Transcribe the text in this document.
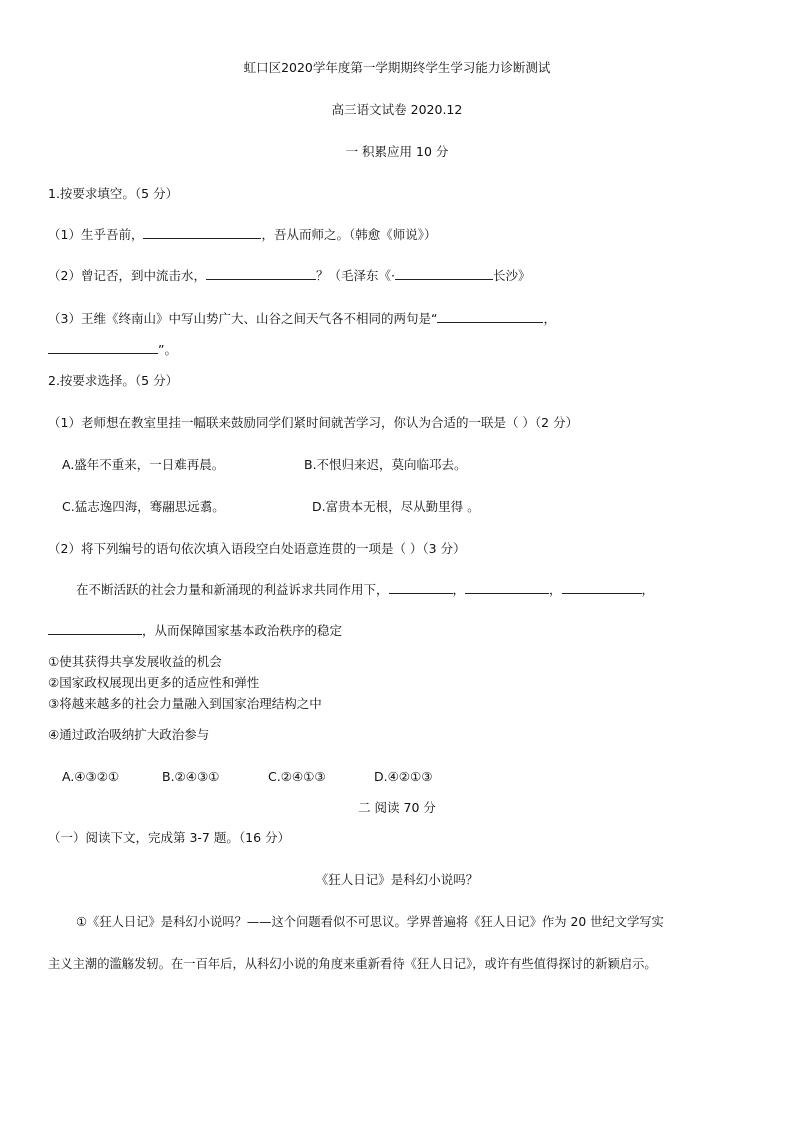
虹口区2020学年度第一学期期终学生学习能力诊断测试
高三语文试卷 2020.12
一 积累应用 10 分
1.按要求填空。（5 分）
（1）生乎吾前，	，吾从而师之。（韩愈《师说》）
（2）曾记否，到中流击水，	？（毛泽东《·	长沙》
（3）王维《终南山》中写山势广大、山谷之间天气各不相同的两句是“	，
”。
2.按要求选择。（5 分）
（1）老师想在教室里挂一幅联来鼓励同学们紧时间就苦学习，你认为合适的一联是（ ）（2 分）
A.盛年不重来，一日难再晨。	B.不恨归来迟，莫向临邛去。
C.猛志逸四海，骞翮思远翥。	D.富贵本无根，尽从勤里得 。
（2）将下列编号的语句依次填入语段空白处语意连贯的一项是（ ）（3 分）
在不断活跃的社会力量和新涌现的利益诉求共同作用下，	，	，	，
，从而保障国家基本政治秩序的稳定
①使其获得共享发展收益的机会
②国家政权展现出更多的适应性和弹性
③将越来越多的社会力量融入到国家治理结构之中
④通过政治吸纳扩大政治参与
A.④③②①	B.②④③①	C.②④①③	D.④②①③
二 阅读 70 分
（一）阅读下文，完成第 3-7 题。（16 分）
《狂人日记》是科幻小说吗？
①《狂人日记》是科幻小说吗？——这个问题看似不可思议。学界普遍将《狂人日记》作为 20 世纪文学写实
主义主潮的滥觞发轫。在一百年后，从科幻小说的角度来重新看待《狂人日记》，或许有些值得探讨的新颖启示。
